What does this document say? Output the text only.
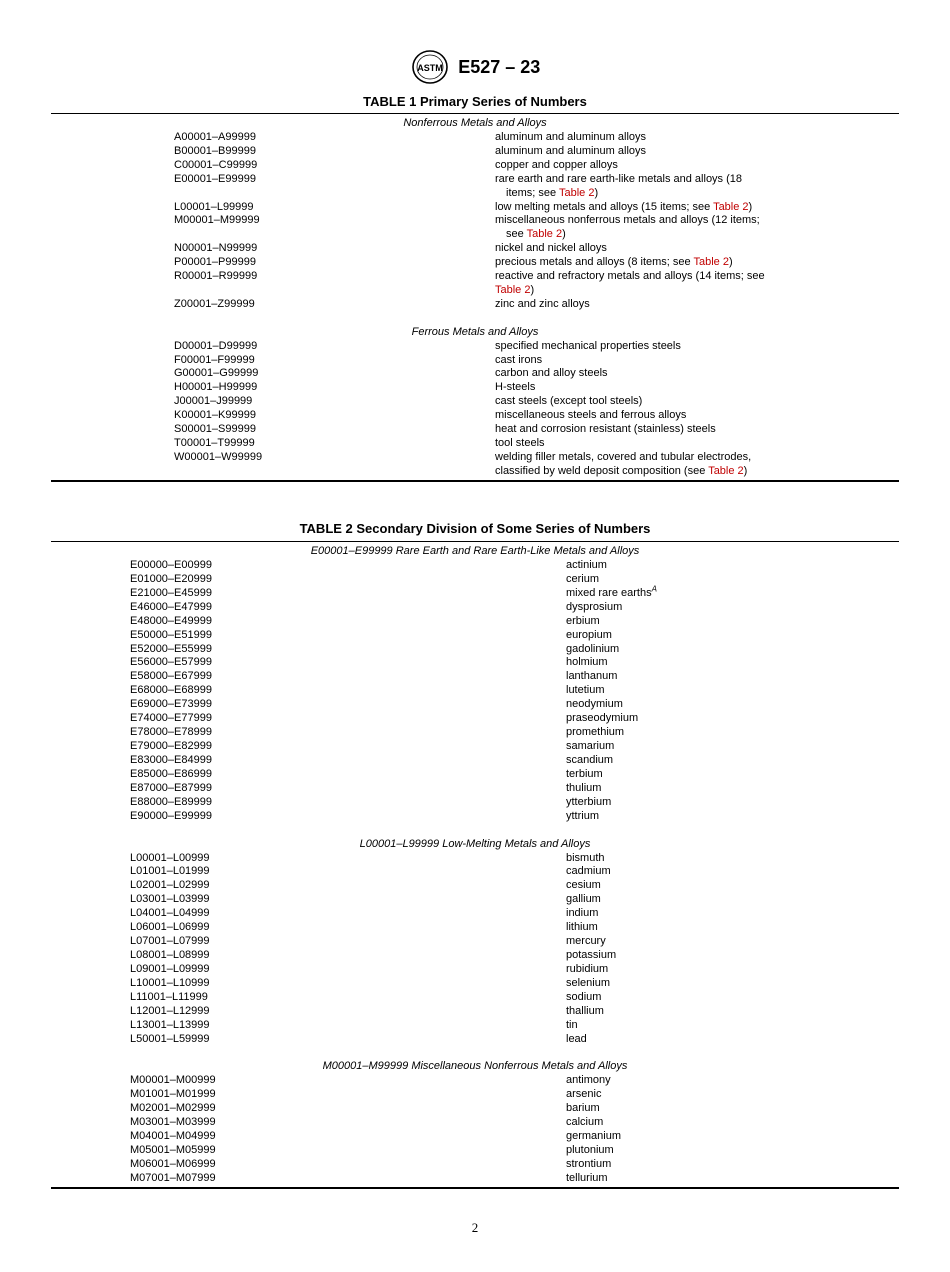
ASTM E527 – 23
TABLE 1 Primary Series of Numbers
Nonferrous Metals and Alloys
A00001–A99999	aluminum and aluminum alloys
B00001–B99999	aluminum and aluminum alloys
C00001–C99999	copper and copper alloys
E00001–E99999	rare earth and rare earth-like metals and alloys (18
items; see Table 2)
L00001–L99999	low melting metals and alloys (15 items; see Table 2)
M00001–M99999	miscellaneous nonferrous metals and alloys (12 items;
see Table 2)
N00001–N99999	nickel and nickel alloys
P00001–P99999	precious metals and alloys (8 items; see Table 2)
R00001–R99999	reactive and refractory metals and alloys (14 items; see
Table 2)
Z00001–Z99999	zinc and zinc alloys
Ferrous Metals and Alloys
D00001–D99999	specified mechanical properties steels
F00001–F99999	cast irons
G00001–G99999	carbon and alloy steels
H00001–H99999	H-steels
J00001–J99999	cast steels (except tool steels)
K00001–K99999	miscellaneous steels and ferrous alloys
S00001–S99999	heat and corrosion resistant (stainless) steels
T00001–T99999	tool steels
W00001–W99999	welding filler metals, covered and tubular electrodes,
classified by weld deposit composition (see Table 2)
TABLE 2 Secondary Division of Some Series of Numbers
E00001–E99999 Rare Earth and Rare Earth-Like Metals and Alloys
E00000–E00999	actinium
E01000–E20999	cerium
E21000–E45999	mixed rare earths$^A$
E46000–E47999	dysprosium
E48000–E49999	erbium
E50000–E51999	europium
E52000–E55999	gadolinium
E56000–E57999	holmium
E58000–E67999	lanthanum
E68000–E68999	lutetium
E69000–E73999	neodymium
E74000–E77999	praseodymium
E78000–E78999	promethium
E79000–E82999	samarium
E83000–E84999	scandium
E85000–E86999	terbium
E87000–E87999	thulium
E88000–E89999	ytterbium
E90000–E99999	yttrium
L00001–L99999 Low-Melting Metals and Alloys
L00001–L00999	bismuth
L01001–L01999	cadmium
L02001–L02999	cesium
L03001–L03999	gallium
L04001–L04999	indium
L06001–L06999	lithium
L07001–L07999	mercury
L08001–L08999	potassium
L09001–L09999	rubidium
L10001–L10999	selenium
L11001–L11999	sodium
L12001–L12999	thallium
L13001–L13999	tin
L50001–L59999	lead
M00001–M99999 Miscellaneous Nonferrous Metals and Alloys
M00001–M00999	antimony
M01001–M01999	arsenic
M02001–M02999	barium
M03001–M03999	calcium
M04001–M04999	germanium
M05001–M05999	plutonium
M06001–M06999	strontium
M07001–M07999	tellurium
2
